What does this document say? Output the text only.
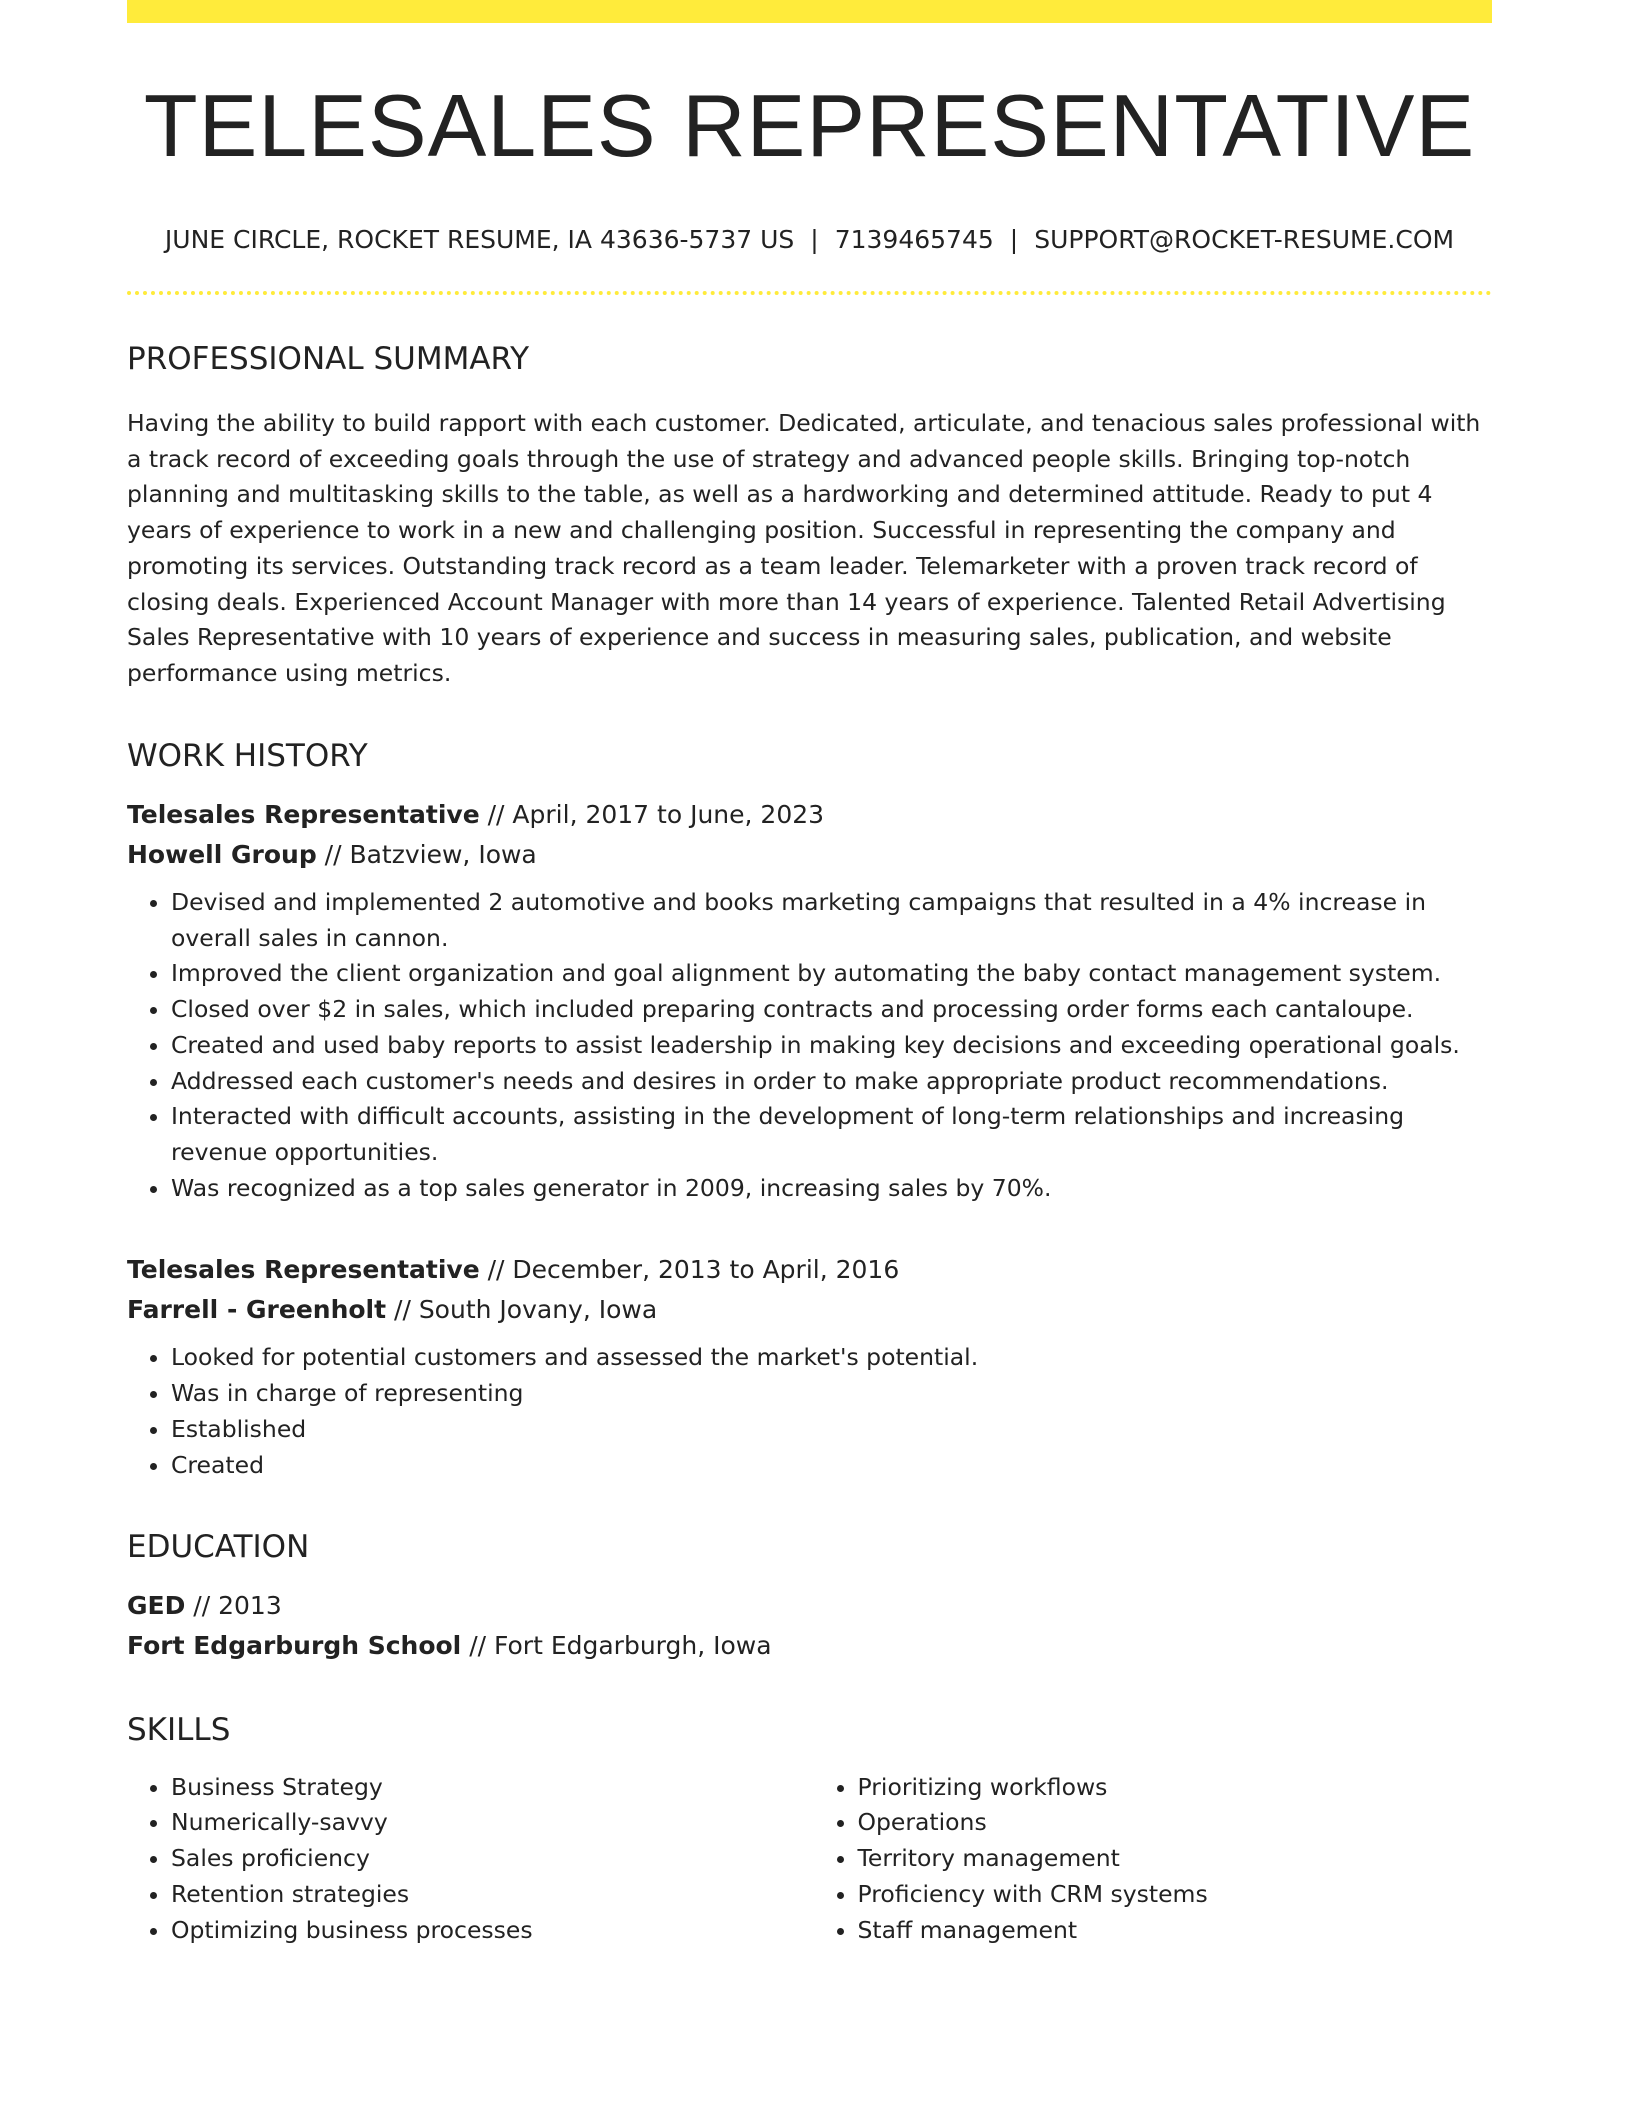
TELESALES REPRESENTATIVE
JUNE CIRCLE, ROCKET RESUME, IA 43636-5737 US | 7139465745 | SUPPORT@ROCKET-RESUME.COM
PROFESSIONAL SUMMARY

Having the ability to build rapport with each customer. Dedicated, articulate, and tenacious sales professional with a track record of exceeding goals through the use of strategy and advanced people skills. Bringing top-notch planning and multitasking skills to the table, as well as a hardworking and determined attitude. Ready to put 4 years of experience to work in a new and challenging position. Successful in representing the company and promoting its services. Outstanding track record as a team leader. Telemarketer with a proven track record of closing deals. Experienced Account Manager with more than 14 years of experience. Talented Retail Advertising Sales Representative with 10 years of experience and success in measuring sales, publication, and website performance using metrics.

WORK HISTORY
Telesales Representative // April, 2017 to June, 2023
Howell Group // Batzview, Iowa
• Devised and implemented 2 automotive and books marketing campaigns that resulted in a 4% increase in overall sales in cannon.
• Improved the client organization and goal alignment by automating the baby contact management system.
• Closed over $2 in sales, which included preparing contracts and processing order forms each cantaloupe.
• Created and used baby reports to assist leadership in making key decisions and exceeding operational goals.
• Addressed each customer's needs and desires in order to make appropriate product recommendations.
• Interacted with difficult accounts, assisting in the development of long-term relationships and increasing revenue opportunities.
• Was recognized as a top sales generator in 2009, increasing sales by 70%.
Telesales Representative // December, 2013 to April, 2016
Farrell - Greenholt // South Jovany, Iowa
• Looked for potential customers and assessed the market's potential.
• Was in charge of representing
• Established
• Created
EDUCATION
GED // 2013
Fort Edgarburgh School // Fort Edgarburgh, Iowa
SKILLS
• Business Strategy
• Numerically-savvy
• Sales proficiency
• Retention strategies
• Optimizing business processes
• Prioritizing workflows
• Operations
• Territory management
• Proficiency with CRM systems
• Staff management
